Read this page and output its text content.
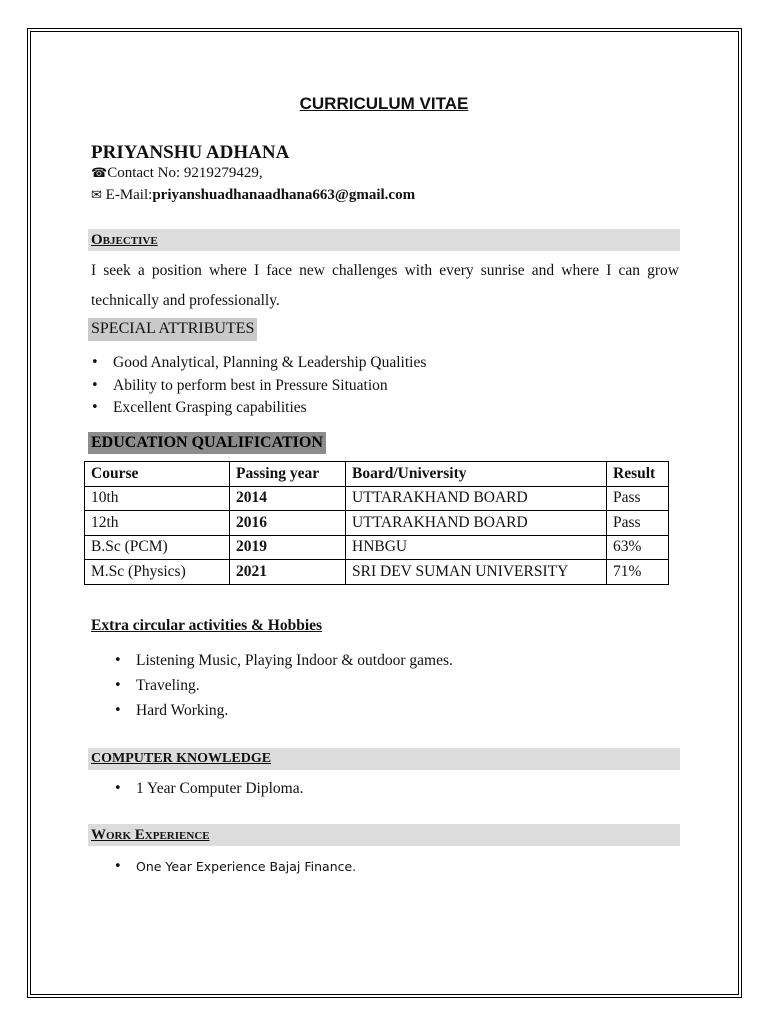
CURRICULUM VITAE
PRIYANSHU ADHANA
☎Contact No: 9219279429,
✉ E-Mail:priyanshuadhanaadhana663@gmail.com
Objective
I seek a position where I face new challenges with every sunrise and where I can grow technically and professionally.
SPECIAL ATTRIBUTES
• Good Analytical, Planning & Leadership Qualities
• Ability to perform best in Pressure Situation
• Excellent Grasping capabilities
EDUCATION QUALIFICATION
Course	Passing year	Board/University	Result
10th	2014	UTTARAKHAND BOARD	Pass
12th	2016	UTTARAKHAND BOARD	Pass
B.Sc (PCM)	2019	HNBGU	63%
M.Sc (Physics)	2021	SRI DEV SUMAN UNIVERSITY	71%
Extra circular activities & Hobbies
• Listening Music, Playing Indoor & outdoor games.
• Traveling.
• Hard Working.
COMPUTER KNOWLEDGE
• 1 Year Computer Diploma.
Work Experience
• One Year Experience Bajaj Finance.
